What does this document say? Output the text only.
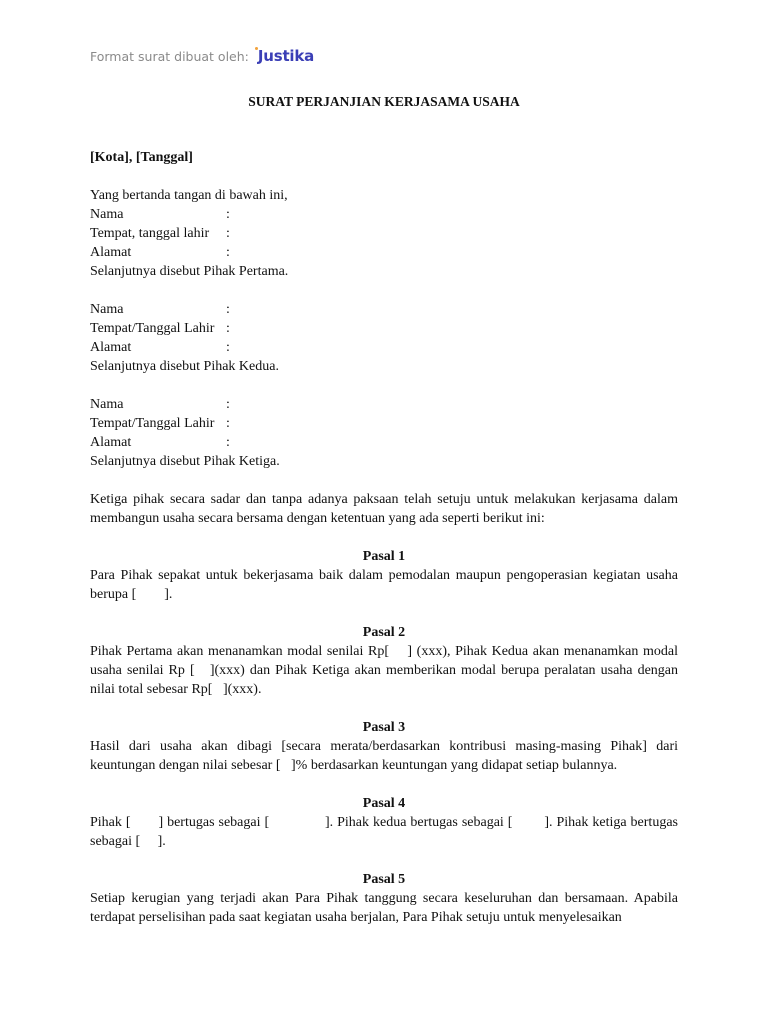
Format surat dibuat oleh: Justika

SURAT PERJANJIAN KERJASAMA USAHA

[Kota], [Tanggal]

Yang bertanda tangan di bawah ini,

Nama	:
Tempat, tanggal lahir	:
Alamat	:

Selanjutnya disebut Pihak Pertama.

Nama	:
Tempat/Tanggal Lahir :
Alamat	:

Selanjutnya disebut Pihak Kedua.

Nama	:
Tempat/Tanggal Lahir :
Alamat	:

Selanjutnya disebut Pihak Ketiga.

Ketiga pihak secara sadar dan tanpa adanya paksaan telah setuju untuk melakukan kerjasama dalam membangun usaha secara bersama dengan ketentuan yang ada seperti berikut ini:

Pasal 1

Para Pihak sepakat untuk bekerjasama baik dalam pemodalan maupun pengoperasian kegiatan usaha berupa [        ].

Pasal 2

Pihak Pertama akan menanamkan modal senilai Rp[    ] (xxx), Pihak Kedua akan menanamkan modal usaha senilai Rp [   ](xxx) dan Pihak Ketiga akan memberikan modal berupa peralatan usaha dengan nilai total sebesar Rp[   ](xxx).

Pasal 3

Hasil dari usaha akan dibagi [secara merata/berdasarkan kontribusi masing-masing Pihak] dari keuntungan dengan nilai sebesar [   ]% berdasarkan keuntungan yang didapat setiap bulannya.

Pasal 4

Pihak [       ] bertugas sebagai [              ]. Pihak kedua bertugas sebagai [        ]. Pihak ketiga bertugas sebagai [     ].

Pasal 5

Setiap kerugian yang terjadi akan Para Pihak tanggung secara keseluruhan dan bersamaan. Apabila terdapat perselisihan pada saat kegiatan usaha berjalan, Para Pihak setuju untuk menyelesaikan
